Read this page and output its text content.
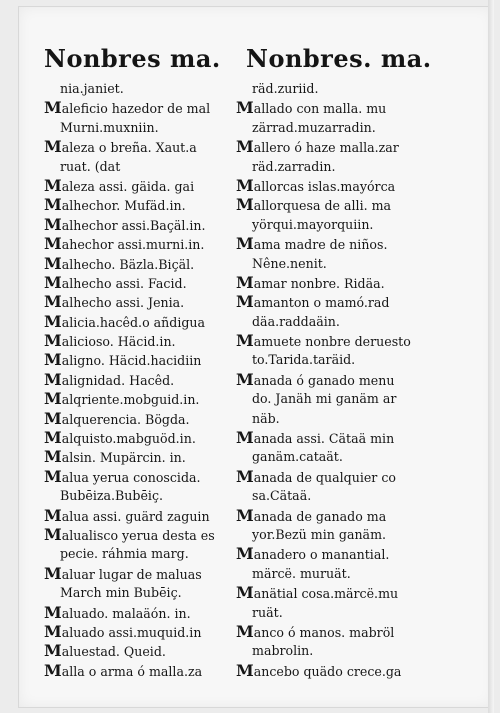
Nonbres ma. Nonbres. ma.
nia.janiet.
Maleficio hazedor de mal
Murni.muxniin.
Maleza o breña. Xaut.a
ruat. (dat
Maleza assi. gäida. gai
Malhechor. Mufäd.in.
Malhechor assi.Baçäl.in.
Mahechor assi.murni.in.
Malhecho. Bäzla.Biçäl.
Malhecho assi. Facid.
Malhecho assi. Jenia.
Malicia.hacêd.o añdigua
Malicioso. Häcid.in.
Maligno. Häcid.hacidiin
Malignidad. Hacêd.
Malqriente.mobguid.in.
Malquerencia. Bögda.
Malquisto.mabguöd.in.
Malsin. Mupärcin. in.
Malua yerua conoscida.
Bubēiza.Bubēiç.
Malua assi. guärd zaguin
Malualisco yerua desta es
pecie. ráhmia marg.
Maluar lugar de maluas
March min Bubēiç.
Maluado. malaäón. in.
Maluado assi.muquid.in
Maluestad. Queid.
Malla o arma ó malla.za
räd.zuriid.
Mallado con malla. mu
zärrad.muzarradin.
Mallero ó haze malla.zar
räd.zarradin.
Mallorcas islas.mayórca
Mallorquesa de alli. ma
yörqui.mayorquiin.
Mama madre de niños.
Nêne.nenit.
Mamar nonbre. Ridäa.
Mamanton o mamó.rad
däa.raddaäin.
Mamuete nonbre deruesto
to.Tarida.taräid.
Manada ó ganado menu
do. Janäh mi ganäm ar
näb.
Manada assi. Cätaä min
ganäm.cataät.
Manada de qualquier co
sa.Cätaä.
Manada de ganado ma
yor.Bezü min ganäm.
Manadero o manantial.
märcë. muruät.
Manätial cosa.märcë.mu
ruät.
Manco ó manos. mabröl
mabrolin.
Mancebo quädo crece.ga
